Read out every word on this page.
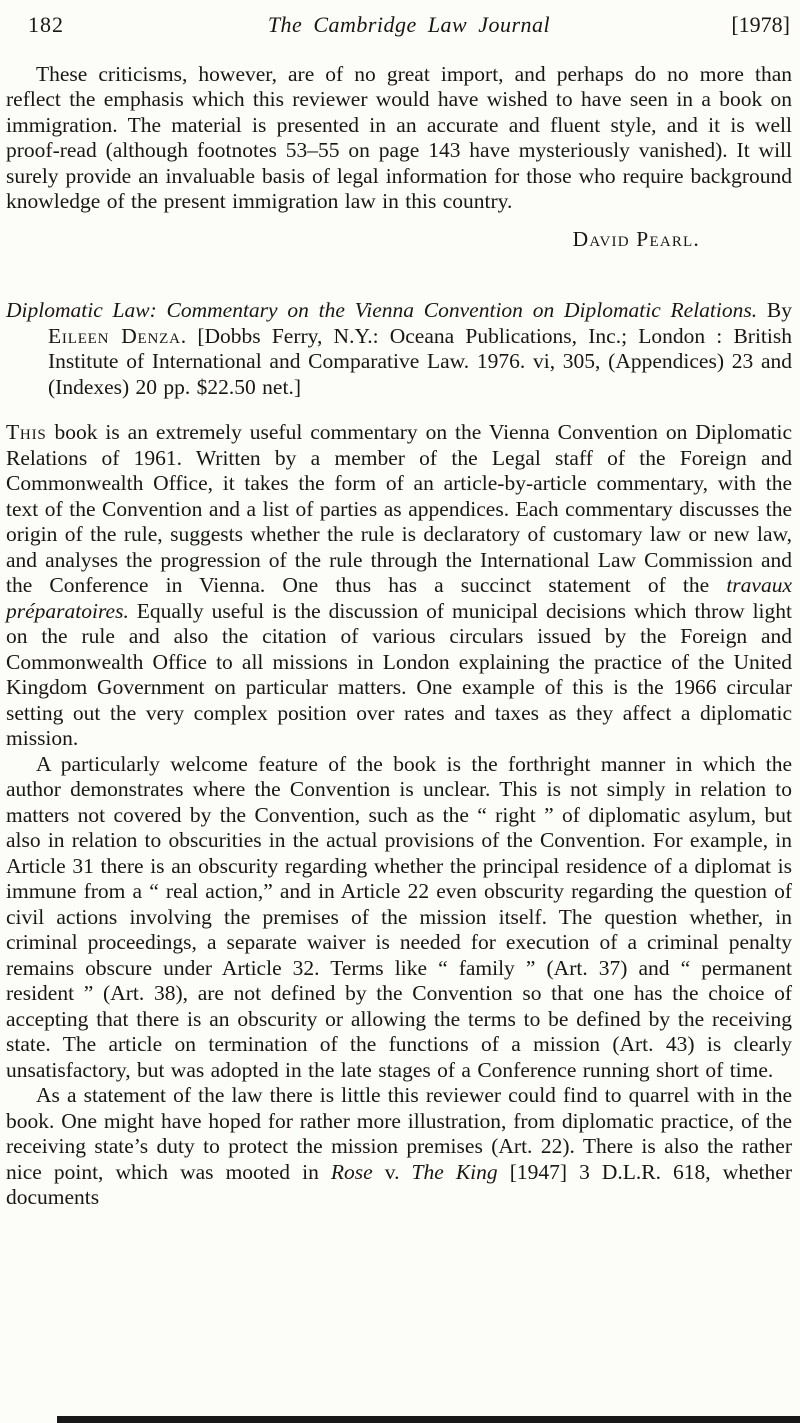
182	The Cambridge Law Journal	[1978]

These criticisms, however, are of no great import, and perhaps do no more than reflect the emphasis which this reviewer would have wished to have seen in a book on immigration. The material is presented in an accurate and fluent style, and it is well proof-read (although footnotes 53–55 on page 143 have mysteriously vanished). It will surely provide an invaluable basis of legal information for those who require background knowledge of the present immigration law in this country.

David Pearl.

Diplomatic Law: Commentary on the Vienna Convention on Diplomatic Relations. By Eileen Denza. [Dobbs Ferry, N.Y.: Oceana Publications, Inc.; London : British Institute of International and Comparative Law. 1976. vi, 305, (Appendices) 23 and (Indexes) 20 pp. $22.50 net.]

This book is an extremely useful commentary on the Vienna Convention on Diplomatic Relations of 1961. Written by a member of the Legal staff of the Foreign and Commonwealth Office, it takes the form of an article-by-article commentary, with the text of the Convention and a list of parties as appendices. Each commentary discusses the origin of the rule, suggests whether the rule is declaratory of customary law or new law, and analyses the progression of the rule through the International Law Commission and the Conference in Vienna. One thus has a succinct statement of the travaux préparatoires. Equally useful is the discussion of municipal decisions which throw light on the rule and also the citation of various circulars issued by the Foreign and Commonwealth Office to all missions in London explaining the practice of the United Kingdom Government on particular matters. One example of this is the 1966 circular setting out the very complex position over rates and taxes as they affect a diplomatic mission.

A particularly welcome feature of the book is the forthright manner in which the author demonstrates where the Convention is unclear. This is not simply in relation to matters not covered by the Convention, such as the “ right ” of diplomatic asylum, but also in relation to obscurities in the actual provisions of the Convention. For example, in Article 31 there is an obscurity regarding whether the principal residence of a diplomat is immune from a “ real action,” and in Article 22 even obscurity regarding the question of civil actions involving the premises of the mission itself. The question whether, in criminal proceedings, a separate waiver is needed for execution of a criminal penalty remains obscure under Article 32. Terms like “ family ” (Art. 37) and “ permanent resident ” (Art. 38), are not defined by the Convention so that one has the choice of accepting that there is an obscurity or allowing the terms to be defined by the receiving state. The article on termination of the functions of a mission (Art. 43) is clearly unsatisfactory, but was adopted in the late stages of a Conference running short of time.

As a statement of the law there is little this reviewer could find to quarrel with in the book. One might have hoped for rather more illustration, from diplomatic practice, of the receiving state’s duty to protect the mission premises (Art. 22). There is also the rather nice point, which was mooted in Rose v. The King [1947] 3 D.L.R. 618, whether documents
